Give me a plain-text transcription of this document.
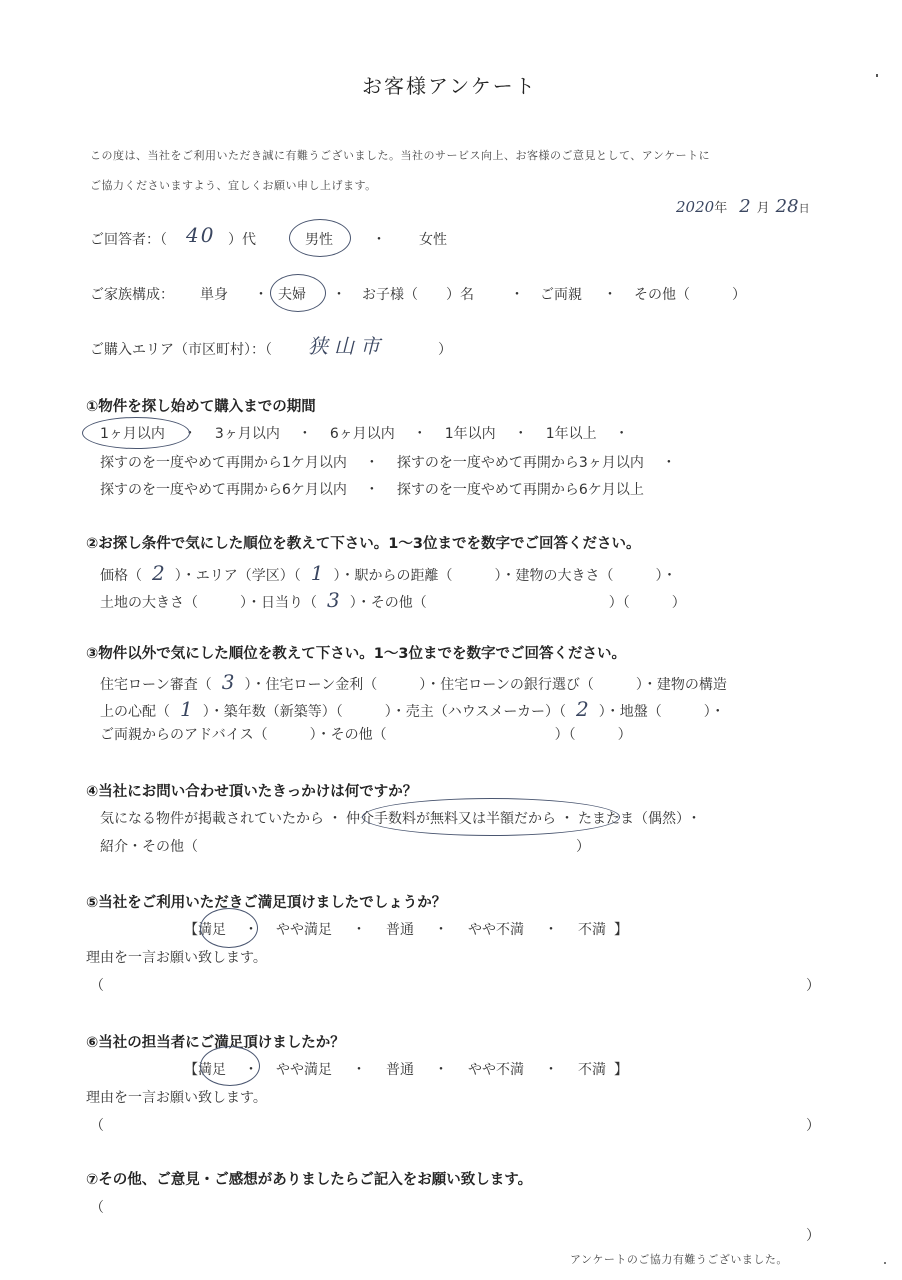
お客様アンケート
この度は、当社をご利用いただき誠に有難うございました。当社のサービス向上、お客様のご意見として、アンケートに
ご協力くださいますよう、宜しくお願い申し上げます。
2020年 2 月 28日
ご回答者：（ 40 ）代	男性	・ 女性
ご家族構成： 単身 ・ 夫婦 ・ お子様（　　）名	・ ご両親 ・ その他（　　　）
ご購入エリア（市区町村）：（ 狭山市	）
①物件を探し始めて購入までの期間
1ヶ月以内 ・ 3ヶ月以内 ・ 6ヶ月以内 ・ 1年以内 ・ 1年以上 ・
探すのを一度やめて再開から1ケ月以内 ・ 探すのを一度やめて再開から3ヶ月以内 ・
探すのを一度やめて再開から6ケ月以内 ・ 探すのを一度やめて再開から6ケ月以上
②お探し条件で気にした順位を教えて下さい。1～3位までを数字でご回答ください。
価格（ 2 ）・エリア（学区）（ 1 ）・駅からの距離（　　　）・建物の大きさ（　　　）・
土地の大きさ（　　　）・日当り（ 3 ）・その他（　　　　　　　　　　　　　）（　　　）
③物件以外で気にした順位を教えて下さい。1～3位までを数字でご回答ください。
住宅ローン審査（ 3 ）・住宅ローン金利（　　　）・住宅ローンの銀行選び（　　　）・建物の構造
上の心配（ 1 ）・築年数（新築等）（　　　）・売主（ハウスメーカー）（ 2 ）・地盤（　　　）・
ご両親からのアドバイス（　　　）・その他（　　　　　　　　　　　　）（　　　）
④当社にお問い合わせ頂いたきっかけは何ですか？
気になる物件が掲載されていたから ・ 仲介手数料が無料又は半額だから ・ たまたま（偶然） ・
紹介・その他（　　　　　　　　　　　　　　　　　　　　　　　　　　　）
⑤当社をご利用いただきご満足頂けましたでしょうか？
【満足 ・ やや満足 ・ 普通 ・ やや不満 ・ 不満 】
理由を一言お願い致します。
（	）
⑥当社の担当者にご満足頂けましたか？
【満足 ・ やや満足 ・ 普通 ・ やや不満 ・ 不満 】
理由を一言お願い致します。
（	）
⑦その他、ご意見・ご感想がありましたらご記入をお願い致します。
（
）
アンケートのご協力有難うございました。
